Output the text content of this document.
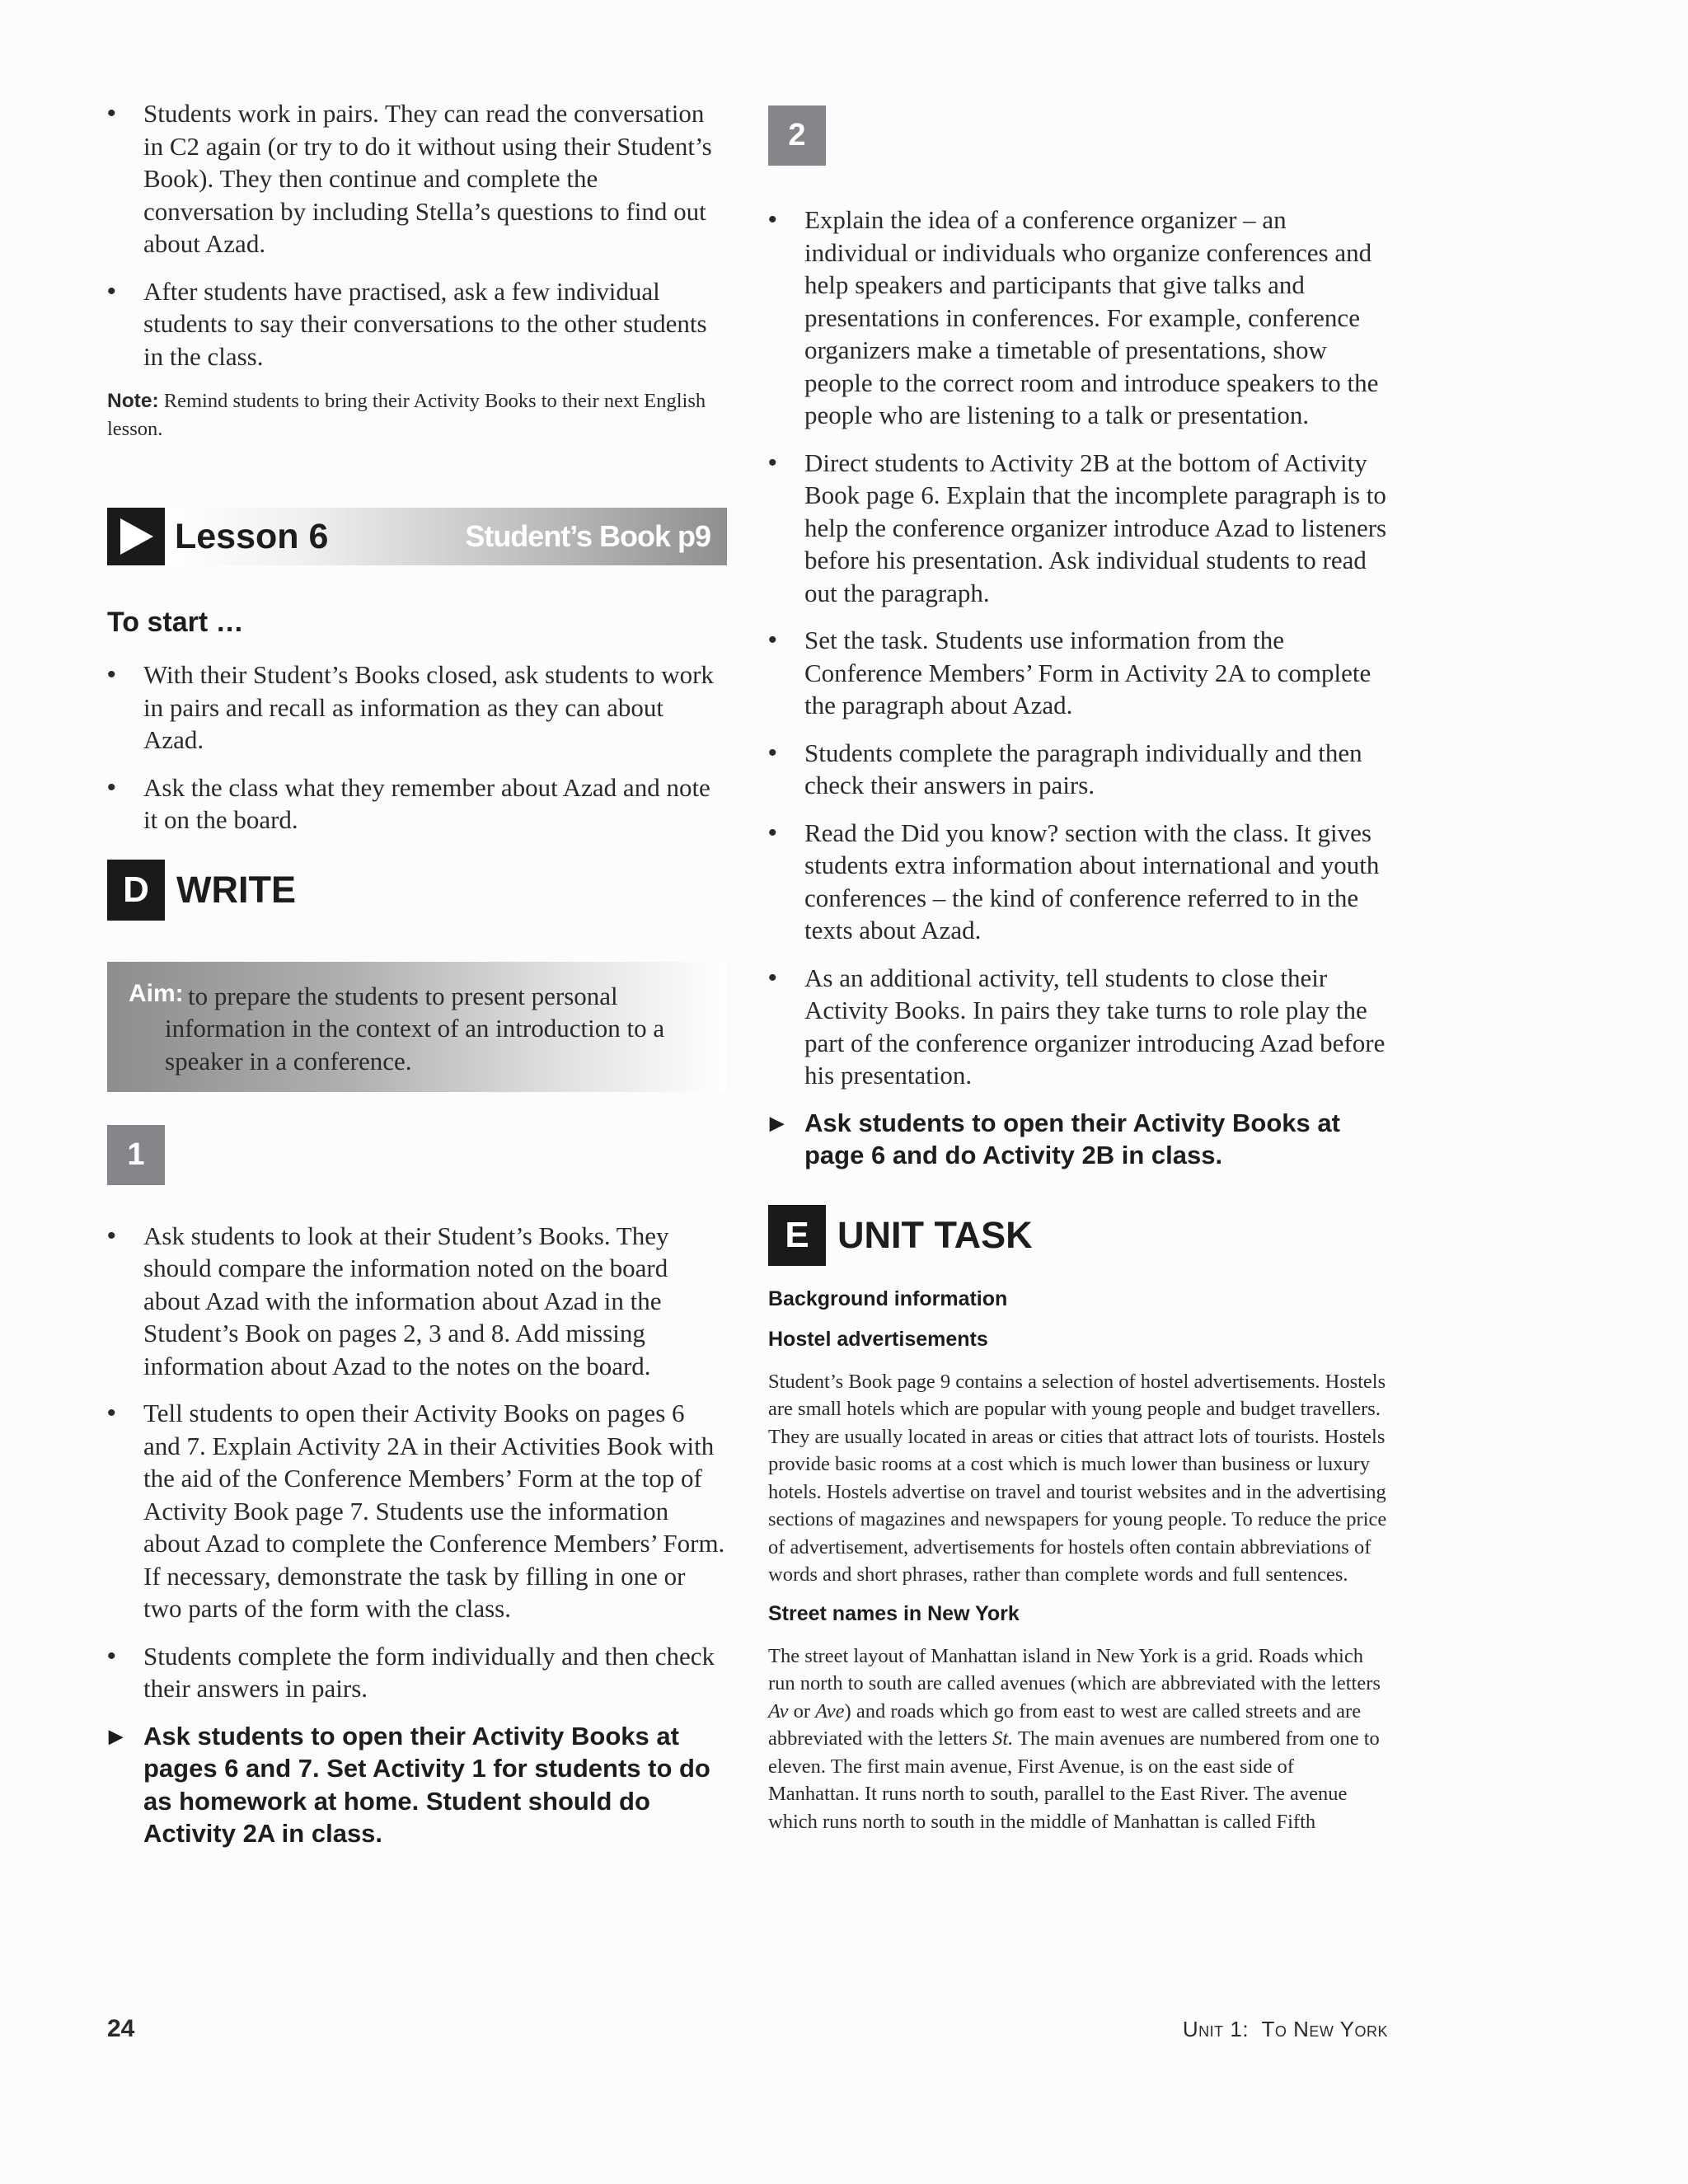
• Students work in pairs. They can read the conversation in C2 again (or try to do it without using their Student’s Book). They then continue and complete the conversation by including Stella’s questions to find out about Azad.
• After students have practised, ask a few individual students to say their conversations to the other students in the class.

Note: Remind students to bring their Activity Books to their next English lesson.

Lesson 6	Student’s Book p9
To start …
• With their Student’s Books closed, ask students to work in pairs and recall as information as they can about Azad.
• Ask the class what they remember about Azad and note it on the board.
D WRITE
Aim: to prepare the students to present personal information in the context of an introduction to a speaker in a conference.

1
• Ask students to look at their Student’s Books. They should compare the information noted on the board about Azad with the information about Azad in the Student’s Book on pages 2, 3 and 8. Add missing information about Azad to the notes on the board.
• Tell students to open their Activity Books on pages 6 and 7. Explain Activity 2A in their Activities Book with the aid of the Conference Members’ Form at the top of Activity Book page 7. Students use the information about Azad to complete the Conference Members’ Form. If necessary, demonstrate the task by filling in one or two parts of the form with the class.
• Students complete the form individually and then check their answers in pairs.
▶ Ask students to open their Activity Books at pages 6 and 7. Set Activity 1 for students to do as homework at home. Student should do Activity 2A in class.
2
• Explain the idea of a conference organizer – an individual or individuals who organize conferences and help speakers and participants that give talks and presentations in conferences. For example, conference organizers make a timetable of presentations, show people to the correct room and introduce speakers to the people who are listening to a talk or presentation.
• Direct students to Activity 2B at the bottom of Activity Book page 6. Explain that the incomplete paragraph is to help the conference organizer introduce Azad to listeners before his presentation. Ask individual students to read out the paragraph.
• Set the task. Students use information from the Conference Members’ Form in Activity 2A to complete the paragraph about Azad.
• Students complete the paragraph individually and then check their answers in pairs.
• Read the Did you know? section with the class. It gives students extra information about international and youth conferences – the kind of conference referred to in the texts about Azad.
• As an additional activity, tell students to close their Activity Books. In pairs they take turns to role play the part of the conference organizer introducing Azad before his presentation.
▶ Ask students to open their Activity Books at page 6 and do Activity 2B in class.
E UNIT TASK
Background information
Hostel advertisements

Student’s Book page 9 contains a selection of hostel advertisements. Hostels are small hotels which are popular with young people and budget travellers. They are usually located in areas or cities that attract lots of tourists. Hostels provide basic rooms at a cost which is much lower than business or luxury hotels. Hostels advertise on travel and tourist websites and in the advertising sections of magazines and newspapers for young people. To reduce the price of advertisement, advertisements for hostels often contain abbreviations of words and short phrases, rather than complete words and full sentences.

Street names in New York

The street layout of Manhattan island in New York is a grid. Roads which run north to south are called avenues (which are abbreviated with the letters Av or Ave) and roads which go from east to west are called streets and are abbreviated with the letters St. The main avenues are numbered from one to eleven. The first main avenue, First Avenue, is on the east side of Manhattan. It runs north to south, parallel to the East River. The avenue which runs north to south in the middle of Manhattan is called Fifth

24	Unit 1: To New York
